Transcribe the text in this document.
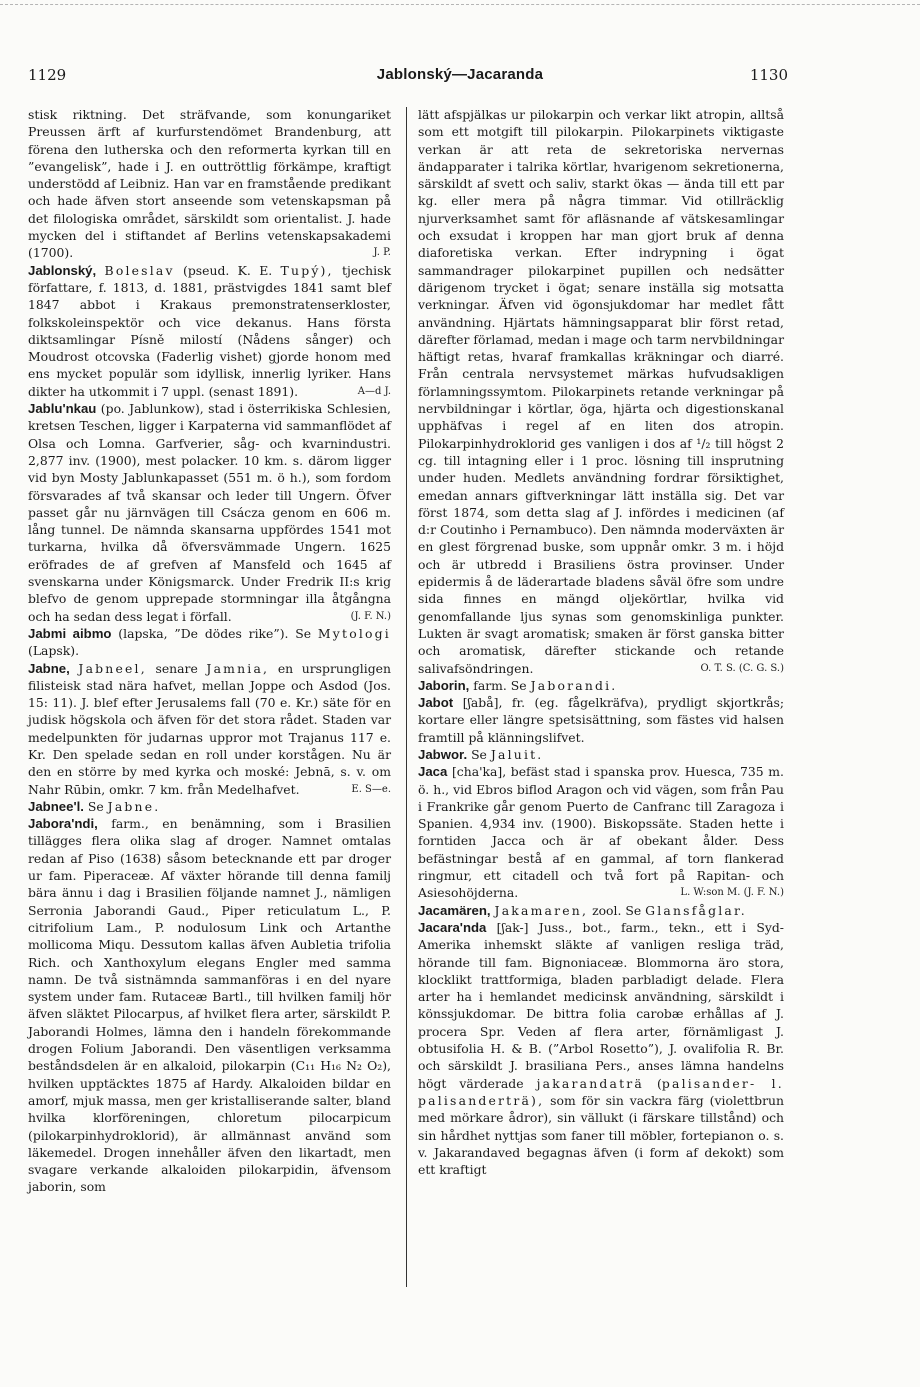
1129	Jablonský—Jacaranda	1130

stisk riktning. Det sträfvande, som konungariket Preussen ärft af kurfurstendömet Brandenburg, att förena den lutherska och den reformerta kyrkan till en ”evangelisk”, hade i J. en outtröttlig förkämpe, kraftigt understödd af Leibniz. Han var en framstående predikant och hade äfven stort anseende som vetenskapsman på det filologiska området, särskildt som orientalist. J. hade mycken del i stiftandet af Berlins vetenskapsakademi (1700).	J. P.

Jablonský, Boleslav (pseud. K. E. Tupý), tjechisk författare, f. 1813, d. 1881, prästvigdes 1841 samt blef 1847 abbot i Krakaus premonstratenserkloster, folkskoleinspektör och vice dekanus. Hans första diktsamlingar Písně milostí (Nådens sånger) och Moudrost otcovska (Faderlig vishet) gjorde honom med ens mycket populär som idyllisk, innerlig lyriker. Hans dikter ha utkommit i 7 uppl. (senast 1891).	A—d J.

Jablu'nkau (po. Jablunkow), stad i österrikiska Schlesien, kretsen Teschen, ligger i Karpaterna vid sammanflödet af Olsa och Lomna. Garfverier, såg- och kvarnindustri. 2,877 inv. (1900), mest polacker. 10 km. s. därom ligger vid byn Mosty Jablunkapasset (551 m. ö h.), som fordom försvarades af två skansar och leder till Ungern. Öfver passet går nu järnvägen till Csácza genom en 606 m. lång tunnel. De nämnda skansarna uppfördes 1541 mot turkarna, hvilka då öfversvämmade Ungern. 1625 eröfrades de af grefven af Mansfeld och 1645 af svenskarna under Königsmarck. Under Fredrik II:s krig blefvo de genom upprepade stormningar illa åtgångna och ha sedan dess legat i förfall.	(J. F. N.)

Jabmi aibmo (lapska, ”De dödes rike”). Se Mytologi (Lapsk).

Jabne, Jabneel, senare Jamnia, en ursprungligen filisteisk stad nära hafvet, mellan Joppe och Asdod (Jos. 15: 11). J. blef efter Jerusalems fall (70 e. Kr.) säte för en judisk högskola och äfven för det stora rådet. Staden var medelpunkten för judarnas uppror mot Trajanus 117 e. Kr. Den spelade sedan en roll under korstågen. Nu är den en större by med kyrka och moské: Jebnā, s. v. om Nahr Rūbin, omkr. 7 km. från Medelhafvet.	E. S—e.

Jabnee'l. Se Jabne.

Jabora'ndi, farm., en benämning, som i Brasilien tillägges flera olika slag af droger. Namnet omtalas redan af Piso (1638) såsom betecknande ett par droger ur fam. Piperaceæ. Af växter hörande till denna familj bära ännu i dag i Brasilien följande namnet J., nämligen Serronia Jaborandi Gaud., Piper reticulatum L., P. citrifolium Lam., P. nodulosum Link och Artanthe mollicoma Miqu. Dessutom kallas äfven Aubletia trifolia Rich. och Xanthoxylum elegans Engler med samma namn. De två sistnämnda sammanföras i en del nyare system under fam. Rutaceæ Bartl., till hvilken familj hör äfven släktet Pilocarpus, af hvilket flera arter, särskildt P. Jaborandi Holmes, lämna den i handeln förekommande drogen Folium Jaborandi. Den väsentligen verksamma beståndsdelen är en alkaloid, pilokarpin (C₁₁ H₁₆ N₂ O₂), hvilken upptäcktes 1875 af Hardy. Alkaloiden bildar en amorf, mjuk massa, men ger kristalliserande salter, bland hvilka klorföreningen, chloretum pilocarpicum (pilokarpinhydroklorid), är allmännast använd som läkemedel. Drogen innehåller äfven den likartadt, men svagare verkande alkaloiden pilokarpidin, äfvensom jaborin, som

lätt afspjälkas ur pilokarpin och verkar likt atropin, alltså som ett motgift till pilokarpin. Pilokarpinets viktigaste verkan är att reta de sekretoriska nervernas ändapparater i talrika körtlar, hvarigenom sekretionerna, särskildt af svett och saliv, starkt ökas — ända till ett par kg. eller mera på några timmar. Vid otillräcklig njurverksamhet samt för afläsnande af vätskesamlingar och exsudat i kroppen har man gjort bruk af denna diaforetiska verkan. Efter indrypning i ögat sammandrager pilokarpinet pupillen och nedsätter därigenom trycket i ögat; senare inställa sig motsatta verkningar. Äfven vid ögonsjukdomar har medlet fått användning. Hjärtats hämningsapparat blir först retad, därefter förlamad, medan i mage och tarm nervbildningar häftigt retas, hvaraf framkallas kräkningar och diarré. Från centrala nervsystemet märkas hufvudsakligen förlamningssymtom. Pilokarpinets retande verkningar på nervbildningar i körtlar, öga, hjärta och digestionskanal upphäfvas i regel af en liten dos atropin. Pilokarpinhydroklorid ges vanligen i dos af ¹/₂ till högst 2 cg. till intagning eller i 1 proc. lösning till insprutning under huden. Medlets användning fordrar försiktighet, emedan annars giftverkningar lätt inställa sig. Det var först 1874, som detta slag af J. infördes i medicinen (af d:r Coutinho i Pernambuco). Den nämnda moderväxten är en glest förgrenad buske, som uppnår omkr. 3 m. i höjd och är utbredd i Brasiliens östra provinser. Under epidermis å de läderartade bladens såväl öfre som undre sida finnes en mängd oljekörtlar, hvilka vid genomfallande ljus synas som genomskinliga punkter. Lukten är svagt aromatisk; smaken är först ganska bitter och aromatisk, därefter stickande och retande salivafsöndringen.	O. T. S. (C. G. S.)

Jaborin, farm. Se Jaborandi.

Jabot [ʃabå], fr. (eg. fågelkräfva), prydligt skjortkrås; kortare eller längre spetsisättning, som fästes vid halsen framtill på klänningslifvet.

Jabwor. Se Jaluit.

Jaca [cha'ka], befäst stad i spanska prov. Huesca, 735 m. ö. h., vid Ebros biflod Aragon och vid vägen, som från Pau i Frankrike går genom Puerto de Canfranc till Zaragoza i Spanien. 4,934 inv. (1900). Biskopssäte. Staden hette i forntiden Jacca och är af obekant ålder. Dess befästningar bestå af en gammal, af torn flankerad ringmur, ett citadell och två fort på Rapitan- och Asiesohöjderna.	L. W:son M. (J. F. N.)

Jacamären, Jakamaren, zool. Se Glansfåglar.

Jacara'nda [ʃak-] Juss., bot., farm., tekn., ett i Syd-Amerika inhemskt släkte af vanligen resliga träd, hörande till fam. Bignoniaceæ. Blommorna äro stora, klocklikt trattformiga, bladen parbladigt delade. Flera arter ha i hemlandet medicinsk användning, särskildt i könssjukdomar. De bittra folia carobæ erhållas af J. procera Spr. Veden af flera arter, förnämligast J. obtusifolia H. & B. (”Arbol Rosetto”), J. ovalifolia R. Br. och särskildt J. brasiliana Pers., anses lämna handelns högt värderade jakarandaträ (palisander- l. palisanderträ), som för sin vackra färg (violettbrun med mörkare ådror), sin vällukt (i färskare tillstånd) och sin hårdhet nyttjas som faner till möbler, fortepianon o. s. v. Jakarandaved begagnas äfven (i form af dekokt) som ett kraftigt
